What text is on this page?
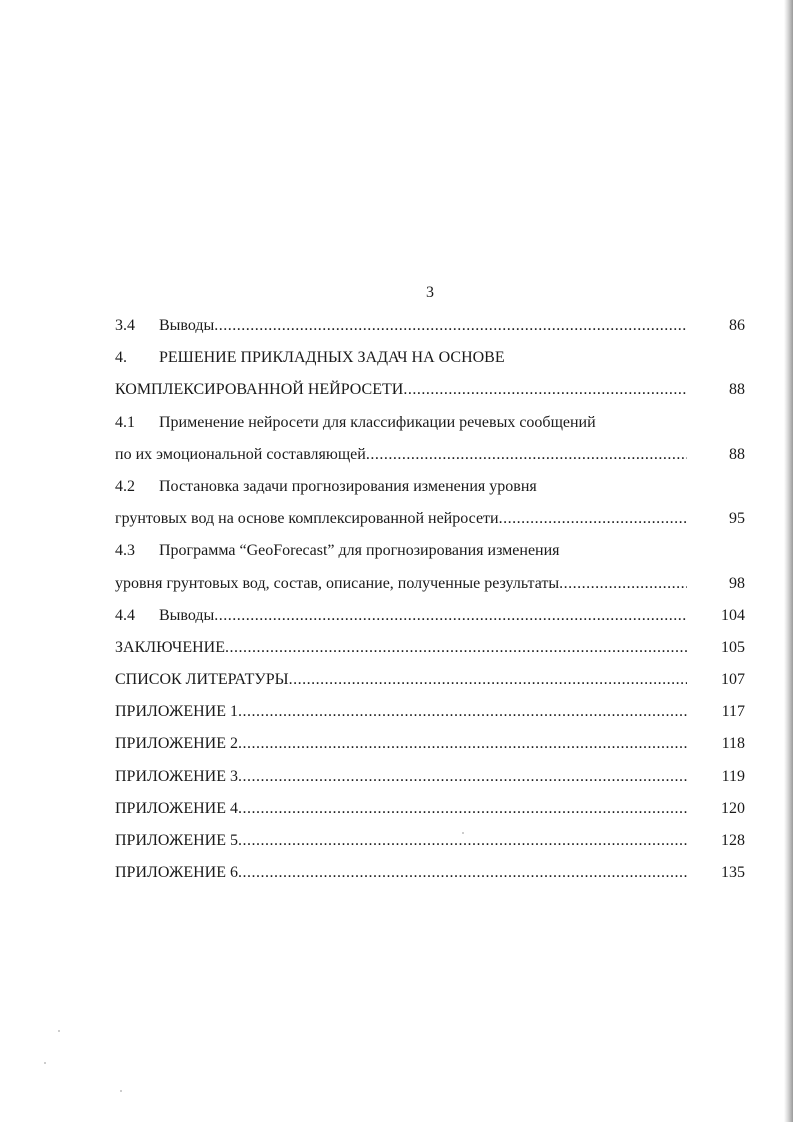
3
3.4 Выводы .....	86
4. РЕШЕНИЕ ПРИКЛАДНЫХ ЗАДАЧ НА ОСНОВЕ
КОМПЛЕКСИРОВАННОЙ НЕЙРОСЕТИ .....	88
4.1 Применение нейросети для классификации речевых сообщений
по их эмоциональной составляющей .....	88
4.2 Постановка задачи прогнозирования изменения уровня
грунтовых вод на основе комплексированной нейросети .....	95
4.3 Программа “GeoForecast” для прогнозирования изменения
уровня грунтовых вод, состав, описание, полученные результаты .....	98
4.4 Выводы .....	104
ЗАКЛЮЧЕНИЕ .....	105
СПИСОК ЛИТЕРАТУРЫ .....	107
ПРИЛОЖЕНИЕ 1 .....	117
ПРИЛОЖЕНИЕ 2 .....	118
ПРИЛОЖЕНИЕ 3 .....	119
ПРИЛОЖЕНИЕ 4 .....	120
ПРИЛОЖЕНИЕ 5 .....	128
ПРИЛОЖЕНИЕ 6 .....	135
